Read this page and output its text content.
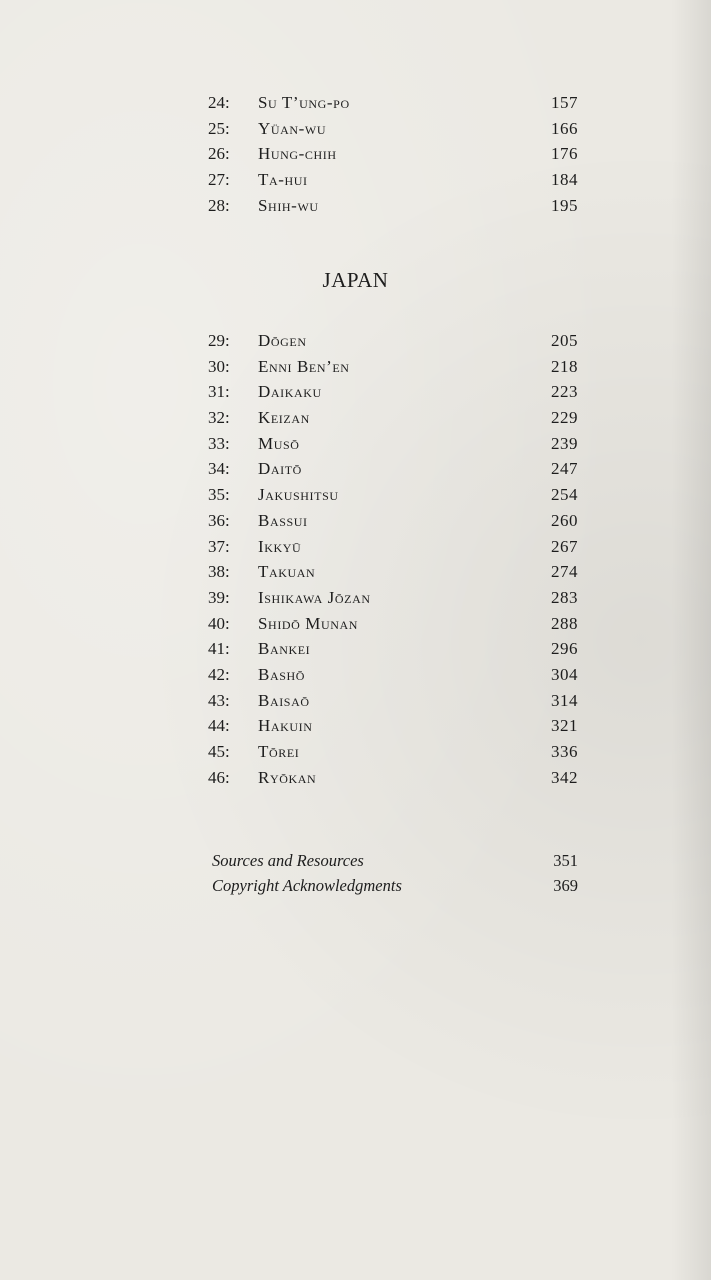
24:	Su T’ung-po	157
25:	Yüan-wu	166
26:	Hung-chih	176
27:	Ta-hui	184
28:	Shih-wu	195
JAPAN
29:	Dōgen	205
30:	Enni Ben’en	218
31:	Daikaku	223
32:	Keizan	229
33:	Musō	239
34:	Daitō	247
35:	Jakushitsu	254
36:	Bassui	260
37:	Ikkyū	267
38:	Takuan	274
39:	Ishikawa Jōzan	283
40:	Shidō Munan	288
41:	Bankei	296
42:	Bashō	304
43:	Baisaō	314
44:	Hakuin	321
45:	Tōrei	336
46:	Ryōkan	342
Sources and Resources	351
Copyright Acknowledgments	369
